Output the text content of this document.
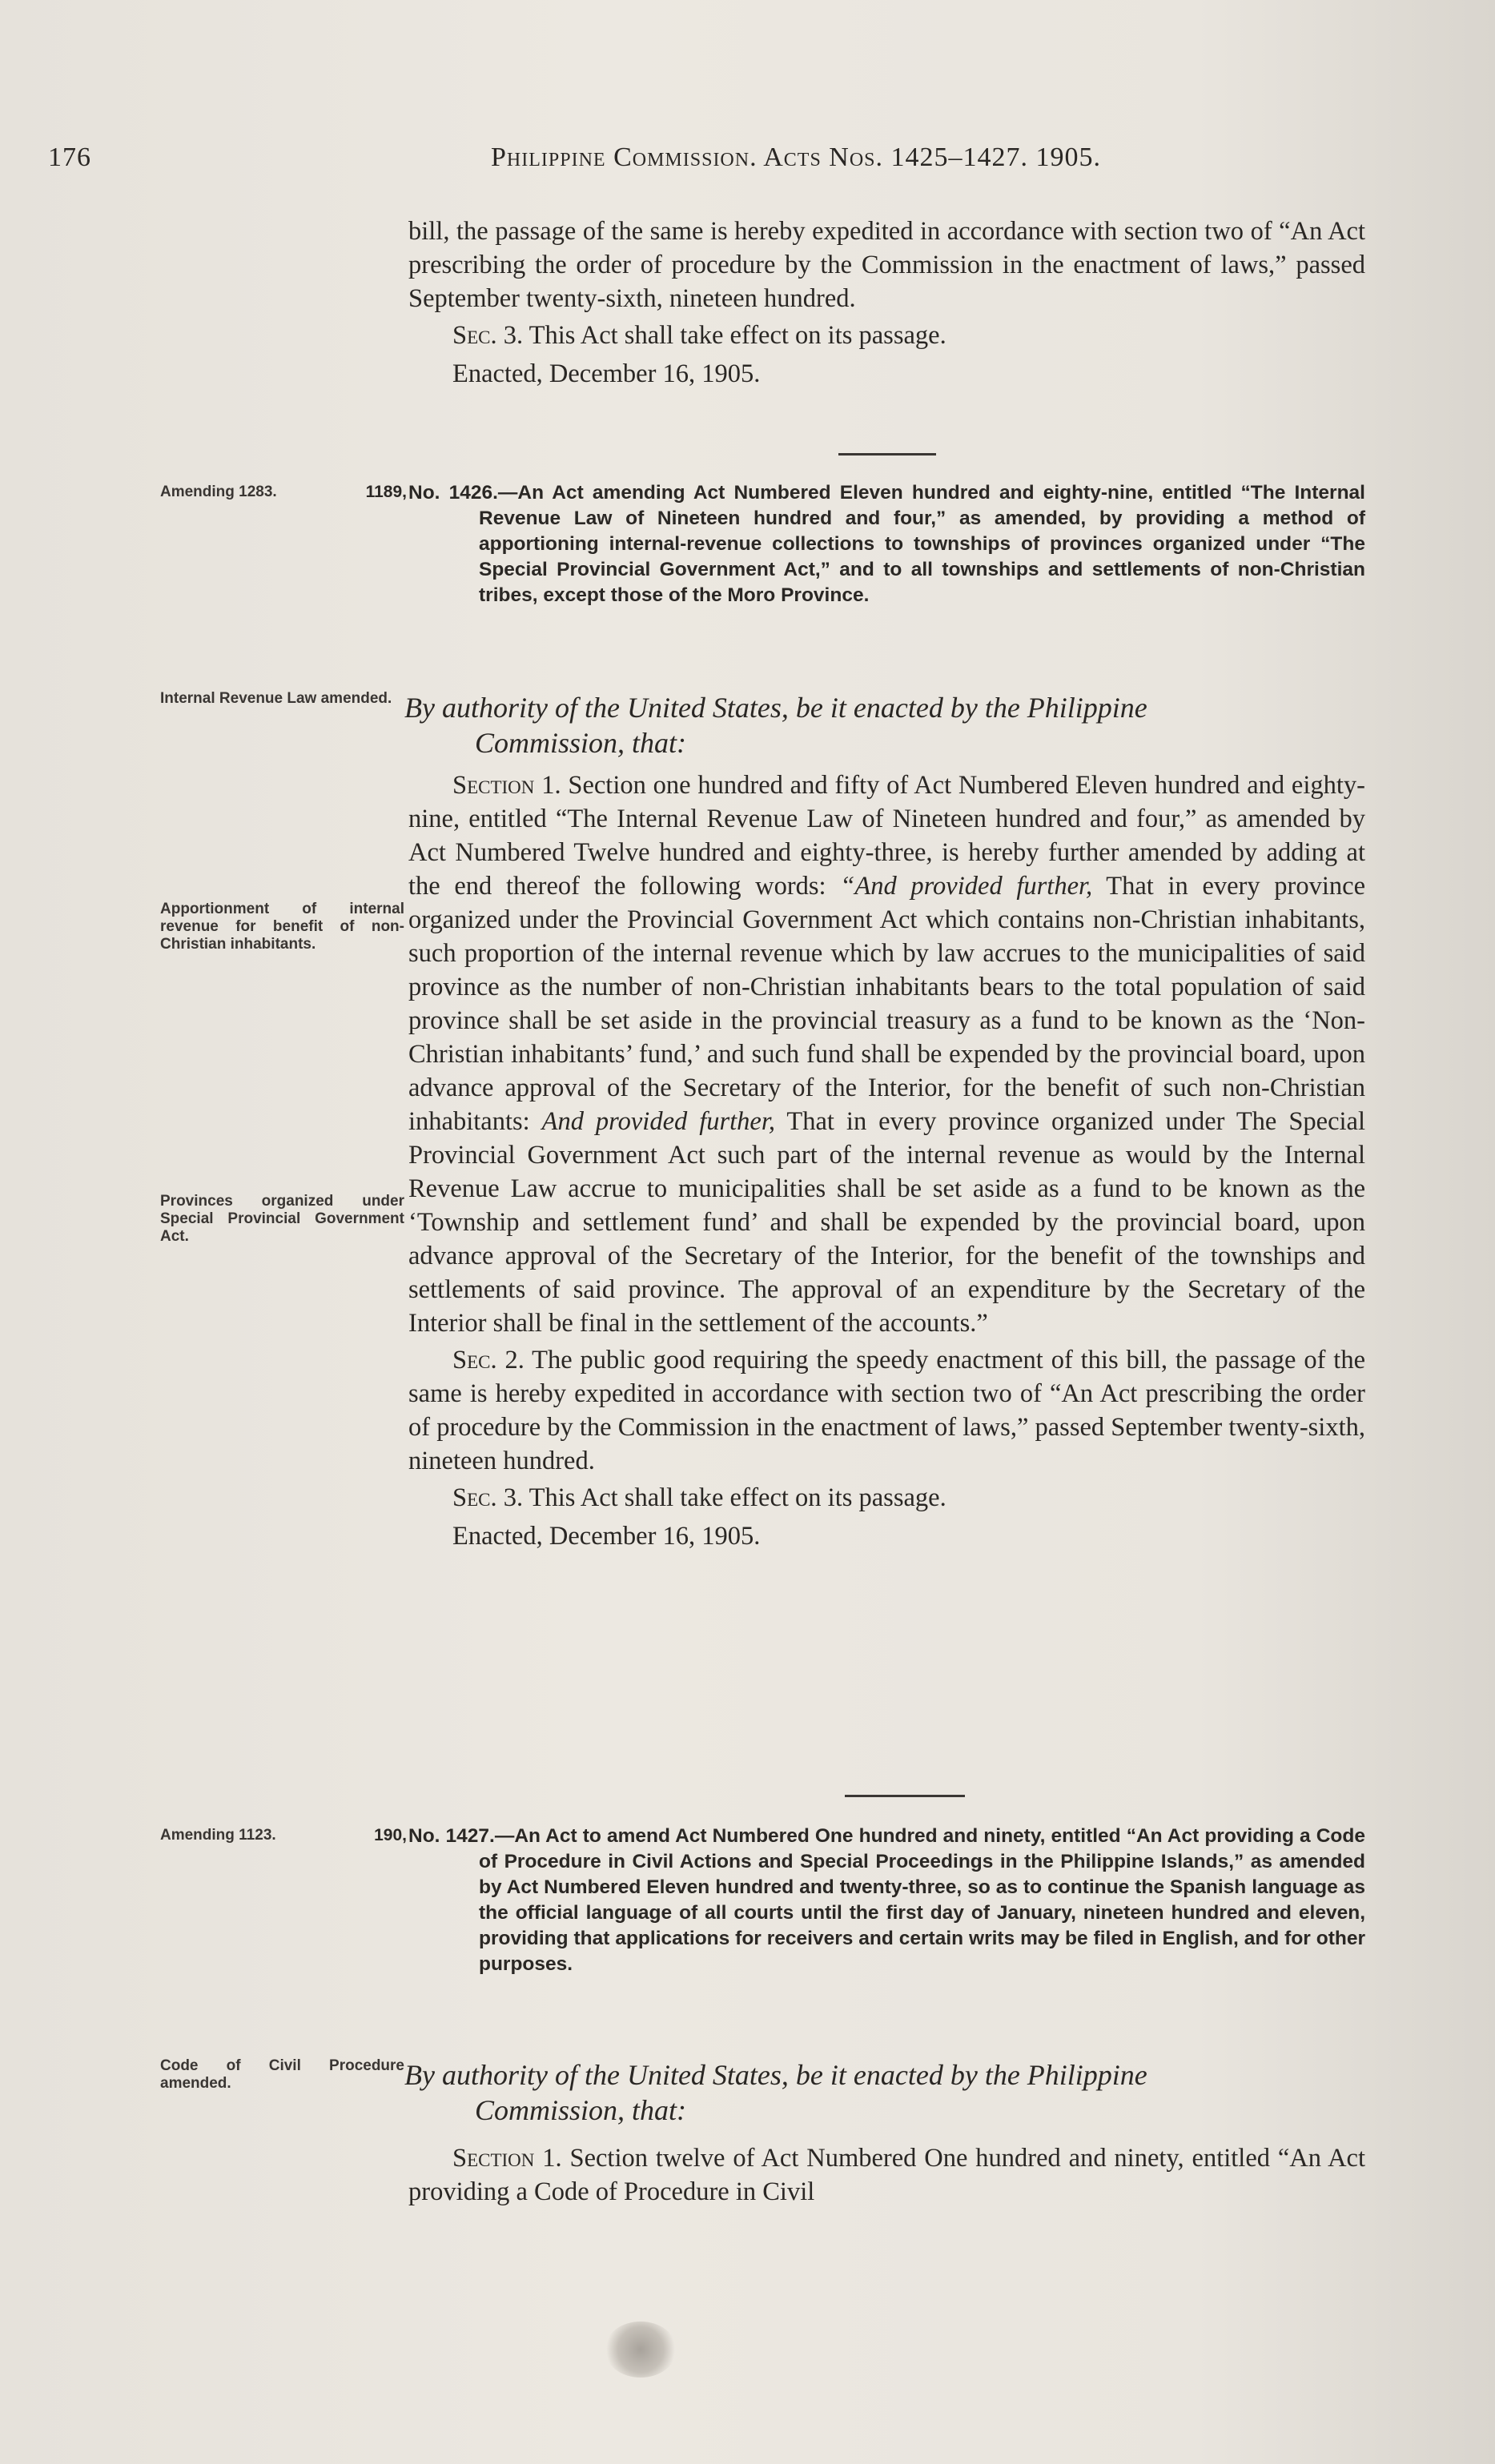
176	Philippine Commission. Acts Nos. 1425–1427. 1905.

bill, the passage of the same is hereby expedited in accordance with section two of “An Act prescribing the order of procedure by the Commission in the enactment of laws,” passed September twenty-sixth, nineteen hundred.

Sec. 3. This Act shall take effect on its passage.

Enacted, December 16, 1905.

Amending 1283.	1189, No. 1426.—An Act amending Act Numbered Eleven hundred and eighty-nine, entitled “The Internal Revenue Law of Nineteen hundred and four,” as amended, by providing a method of apportioning internal-revenue collections to townships of provinces organized under “The Special Provincial Government Act,” and to all townships and settlements of non-Christian tribes, except those of the Moro Province.
Internal Revenue Law amended. By authority of the United States, be it enacted by the Philippine
Commission, that:
Apportionment of internal revenue for benefit of non-Christian inhabitants.
Provinces organized under Special Provincial Government Act.

Section 1. Section one hundred and fifty of Act Numbered Eleven hundred and eighty-nine, entitled “The Internal Revenue Law of Nineteen hundred and four,” as amended by Act Numbered Twelve hundred and eighty-three, is hereby further amended by adding at the end thereof the following words: “And provided further, That in every province organized under the Provincial Government Act which contains non-Christian inhabitants, such proportion of the internal revenue which by law accrues to the municipalities of said province as the number of non-Christian inhabitants bears to the total population of said province shall be set aside in the provincial treasury as a fund to be known as the ‘Non-Christian inhabitants’ fund,’ and such fund shall be expended by the provincial board, upon advance approval of the Secretary of the Interior, for the benefit of such non-Christian inhabitants: And provided further, That in every province organized under The Special Provincial Government Act such part of the internal revenue as would by the Internal Revenue Law accrue to municipalities shall be set aside as a fund to be known as the ‘Township and settlement fund’ and shall be expended by the provincial board, upon advance approval of the Secretary of the Interior, for the benefit of the townships and settlements of said province. The approval of an expenditure by the Secretary of the Interior shall be final in the settlement of the accounts.”

Sec. 2. The public good requiring the speedy enactment of this bill, the passage of the same is hereby expedited in accordance with section two of “An Act prescribing the order of procedure by the Commission in the enactment of laws,” passed September twenty-sixth, nineteen hundred.

Sec. 3. This Act shall take effect on its passage.

Enacted, December 16, 1905.

Amending 1123.	190, No. 1427.—An Act to amend Act Numbered One hundred and ninety, entitled “An Act providing a Code of Procedure in Civil Actions and Special Proceedings in the Philippine Islands,” as amended by Act Numbered Eleven hundred and twenty-three, so as to continue the Spanish language as the official language of all courts until the first day of January, nineteen hundred and eleven, providing that applications for receivers and certain writs may be filed in English, and for other purposes.
Code of Civil Procedure amended.	By authority of the United States, be it enacted by the Philippine
Commission, that:

Section 1. Section twelve of Act Numbered One hundred and ninety, entitled “An Act providing a Code of Procedure in Civil
